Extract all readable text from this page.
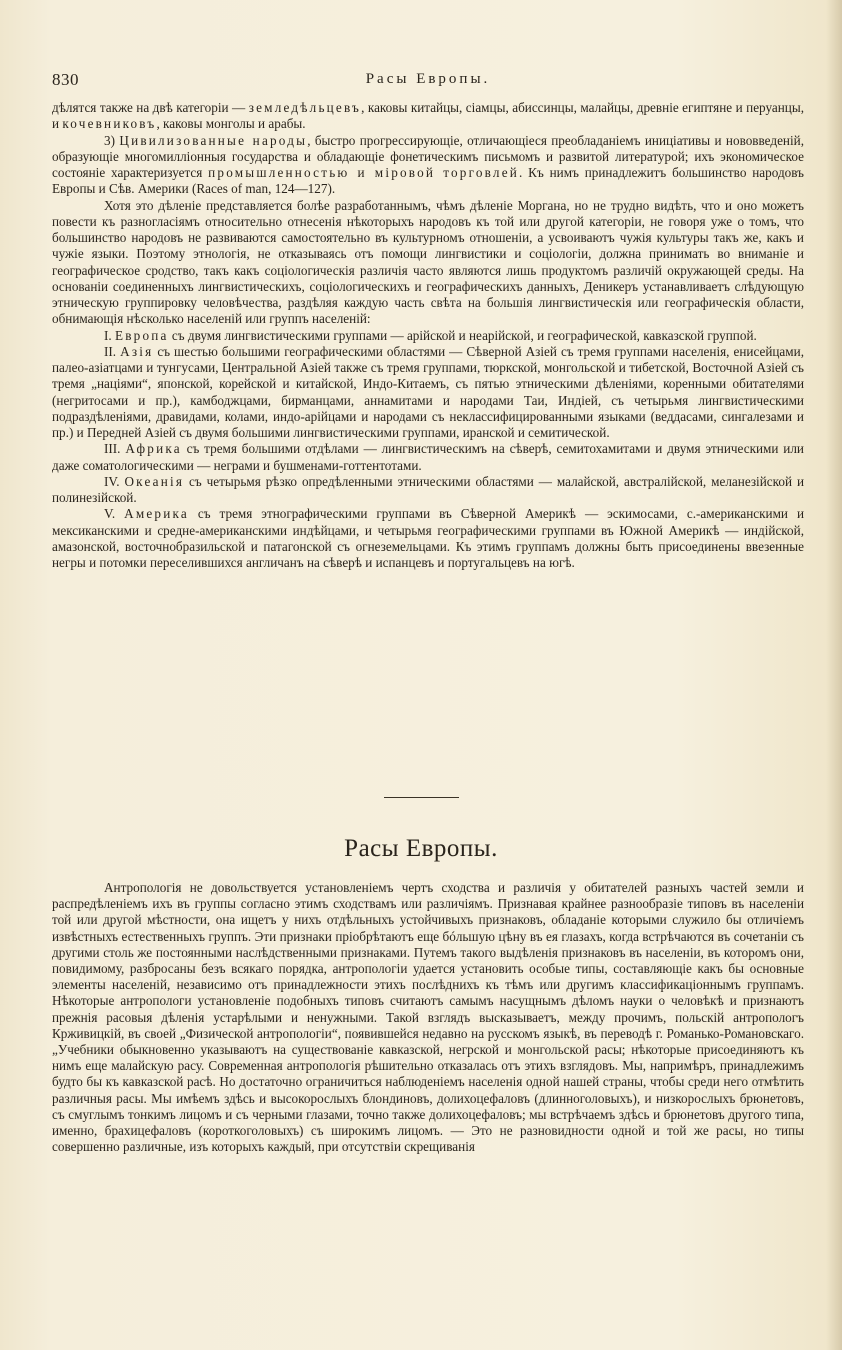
830	Расы Европы.

дѣлятся также на двѣ категоріи — земледѣльцевъ, каковы китайцы, сіамцы, абиссинцы, малайцы, древніе египтяне и перуанцы, и кочевниковъ, каковы монголы и арабы.

3) Цивилизованные народы, быстро прогрессирующіе, отличающіеся преобладаніемъ иниціативы и нововведеній, образующіе многомилліонныя государства и обладающіе фонетическимъ письмомъ и развитой литературой; ихъ экономическое состояніе характеризуется промышленностью и міровой торговлей. Къ нимъ принадлежитъ большинство народовъ Европы и Сѣв. Америки (Races of man, 124—127).

Хотя это дѣленіе представляется болѣе разработаннымъ, чѣмъ дѣленіе Моргана, но не трудно видѣть, что и оно можетъ повести къ разногласіямъ относительно отнесенія нѣкоторыхъ народовъ къ той или другой категоріи, не говоря уже о томъ, что большинство народовъ не развиваются самостоятельно въ культурномъ отношеніи, а усвоиваютъ чужія культуры такъ же, какъ и чужіе языки. Поэтому этнологія, не отказываясь отъ помощи лингвистики и соціологіи, должна принимать во вниманіе и географическое сродство, такъ какъ соціологическія различія часто являются лишь продуктомъ различій окружающей среды. На основаніи соединенныхъ лингвистическихъ, соціологическихъ и географическихъ данныхъ, Деникеръ устанавливаетъ слѣдующую этническую группировку человѣчества, раздѣляя каждую часть свѣта на большія лингвистическія или географическія области, обнимающія нѣсколько населеній или группъ населеній:

I. Европа съ двумя лингвистическими группами — арійской и неарійской, и географической, кавказской группой.

II. Азія съ шестью большими географическими областями — Сѣверной Азіей съ тремя группами населенія, енисейцами, палео-азіатцами и тунгусами, Центральной Азіей также съ тремя группами, тюркской, монгольской и тибетской, Восточной Азіей съ тремя „націями“, японской, корейской и китайской, Индо-Китаемъ, съ пятью этническими дѣленіями, коренными обитателями (негритосами и пр.), камбоджцами, бирманцами, аннамитами и народами Таи, Индіей, съ четырьмя лингвистическими подраздѣленіями, дравидами, колами, индо-арійцами и народами съ неклассифицированными языками (веддасами, сингалезами и пр.) и Передней Азіей съ двумя большими лингвистическими группами, иранской и семитической.

III. Африка съ тремя большими отдѣлами — лингвистическимъ на сѣверѣ, семитохамитами и двумя этническими или даже соматологическими — неграми и бушменами-готтентотами.

IV. Океанія съ четырьмя рѣзко опредѣленными этническими областями — малайской, австралійской, меланезійской и полинезійской.

V. Америка съ тремя этнографическими группами въ Сѣверной Америкѣ — эскимосами, с.-американскими и мексиканскими и средне-американскими индѣйцами, и четырьмя географическими группами въ Южной Америкѣ — индійской, амазонской, восточнобразильской и патагонской съ огнеземельцами. Къ этимъ группамъ должны быть присоединены ввезенные негры и потомки переселившихся англичанъ на сѣверѣ и испанцевъ и португальцевъ на югѣ.

Расы Европы.

Антропологія не довольствуется установленіемъ чертъ сходства и различія у обитателей разныхъ частей земли и распредѣленіемъ ихъ въ группы согласно этимъ сходствамъ или различіямъ. Признавая крайнее разнообразіе типовъ въ населеніи той или другой мѣстности, она ищетъ у нихъ отдѣльныхъ устойчивыхъ признаковъ, обладаніе которыми служило бы отличіемъ извѣстныхъ естественныхъ группъ. Эти признаки пріобрѣтаютъ еще бóльшую цѣну въ ея глазахъ, когда встрѣчаются въ сочетаніи съ другими столь же постоянными наслѣдственными признаками. Путемъ такого выдѣленія признаковъ въ населеніи, въ которомъ они, повидимому, разбросаны безъ всякаго порядка, антропологіи удается установить особые типы, составляющіе какъ бы основные элементы населеній, независимо отъ принадлежности этихъ послѣднихъ къ тѣмъ или другимъ классификаціоннымъ группамъ. Нѣкоторые антропологи установленіе подобныхъ типовъ считаютъ самымъ насущнымъ дѣломъ науки о человѣкѣ и признаютъ прежнія расовыя дѣленія устарѣлыми и ненужными. Такой взглядъ высказываетъ, между прочимъ, польскій антропологъ Крживицкій, въ своей „Физической антропологіи“, появившейся недавно на русскомъ языкѣ, въ переводѣ г. Романько-Романовскаго. „Учебники обыкновенно указываютъ на существованіе кавказской, негрской и монгольской расы; нѣкоторые присоединяютъ къ нимъ еще малайскую расу. Современная антропологія рѣшительно отказалась отъ этихъ взглядовъ. Мы, напримѣръ, принадлежимъ будто бы къ кавказской расѣ. Но достаточно ограничиться наблюденіемъ населенія одной нашей страны, чтобы среди него отмѣтить различныя расы. Мы имѣемъ здѣсь и высокорослыхъ блондиновъ, долихоцефаловъ (длинноголовыхъ), и низкорослыхъ брюнетовъ, съ смуглымъ тонкимъ лицомъ и съ черными глазами, точно также долихоцефаловъ; мы встрѣчаемъ здѣсь и брюнетовъ другого типа, именно, брахицефаловъ (короткоголовыхъ) съ широкимъ лицомъ. — Это не разновидности одной и той же расы, но типы совершенно различные, изъ которыхъ каждый, при отсутствіи скрещиванія
